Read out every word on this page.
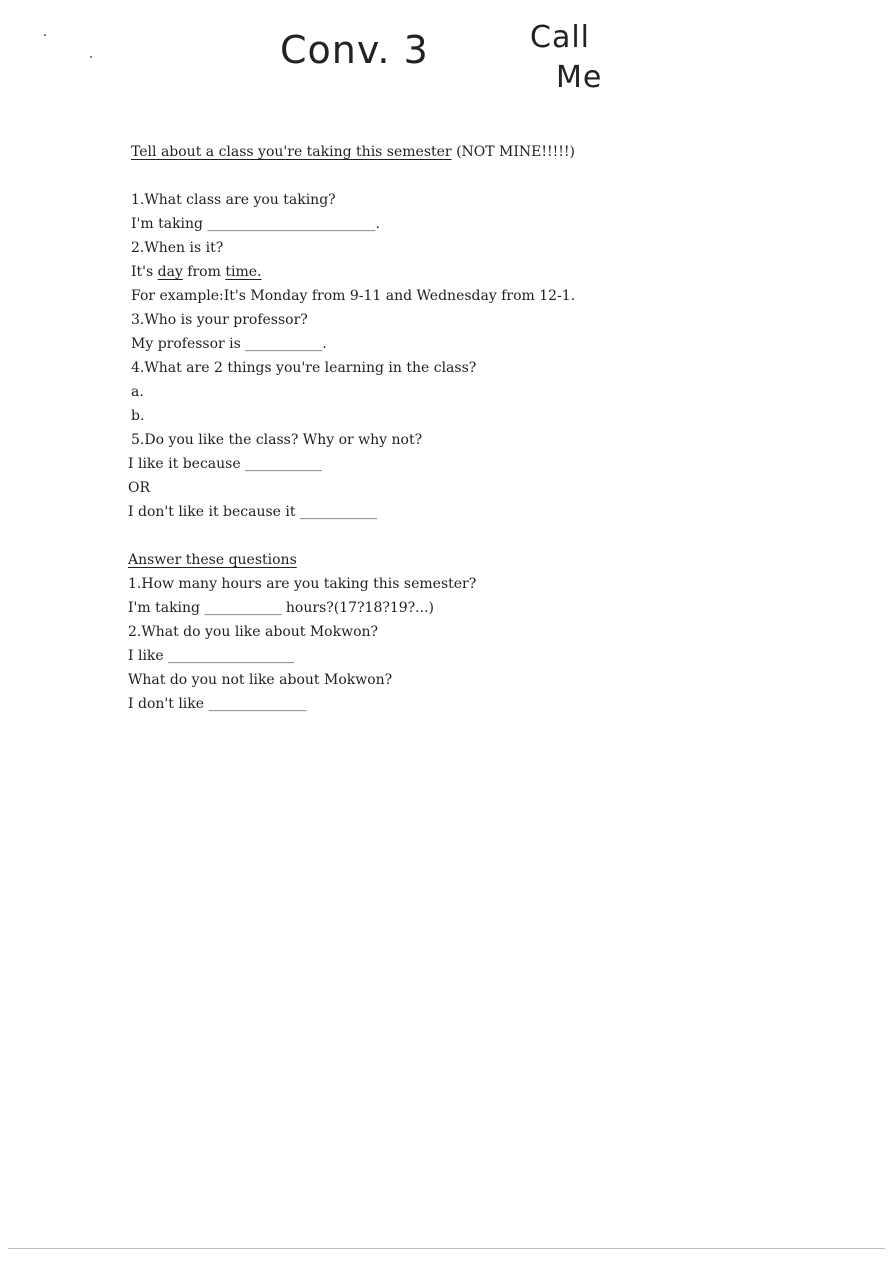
Conv. 3	Call
Me

Tell about a class you're taking this semester (NOT MINE!!!!!)

1.What class are you taking?

I'm taking ________________________.

2.When is it?

It's day from time.

For example:It's Monday from 9-11 and Wednesday from 12-1.

3.Who is your professor?

My professor is ___________.

4.What are 2 things you're learning in the class?

a.

b.

5.Do you like the class? Why or why not?

I like it because ___________

OR

I don't like it because it ___________

Answer these questions

1.How many hours are you taking this semester?

I'm taking ___________ hours?(17?18?19?...)

2.What do you like about Mokwon?

I like __________________

What do you not like about Mokwon?

I don't like ______________
